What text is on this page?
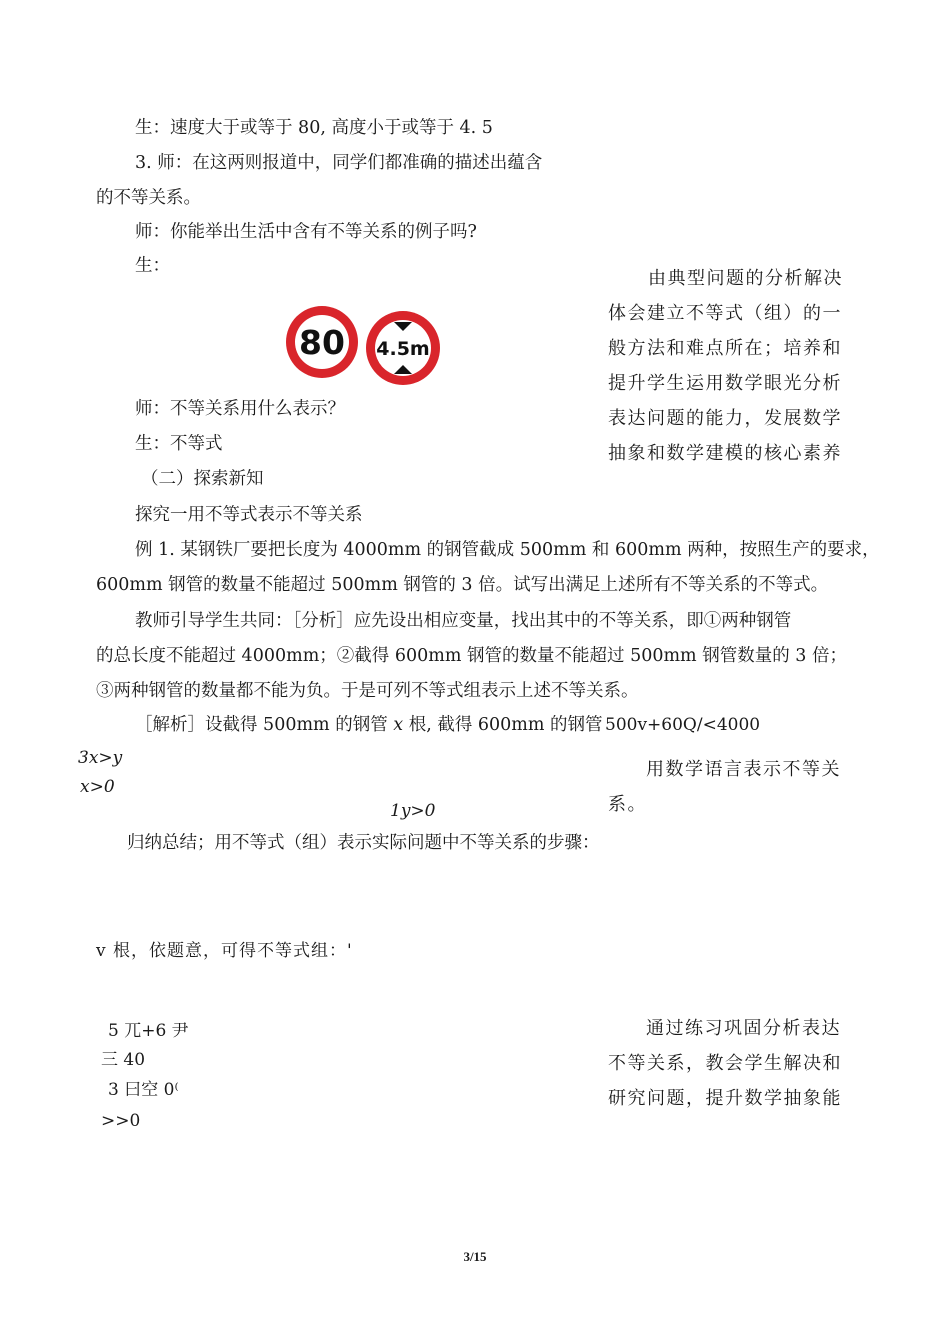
生：速度大于或等于 80, 高度小于或等于 4. 5
3. 师：在这两则报道中，同学们都准确的描述出蕴含
的不等关系。
师：你能举出生活中含有不等关系的例子吗?
生：
80 4.5m
师：不等关系用什么表示？
生：不等式
（二）探索新知
探究一用不等式表示不等关系
例 1. 某钢铁厂要把长度为 4000mm 的钢管截成 500mm 和 600mm 两种，按照生产的要求，
600mm 钢管的数量不能超过 500mm 钢管的 3 倍。试写出满足上述所有不等关系的不等式。
教师引导学生共同：［分析］应先设出相应变量，找出其中的不等关系，即①两种钢管
的总长度不能超过 4000mm；②截得 600mm 钢管的数量不能超过 500mm 钢管数量的 3 倍；
③两种钢管的数量都不能为负。于是可列不等式组表示上述不等关系。
［解析］设截得 500mm 的钢管 x 根, 截得 600mm 的钢管 500v+60Q/<4000
3x>y
x>0
1y>0
归纳总结；用不等式（组）表示实际问题中不等关系的步骤：
v 根，依题意，可得不等式组：'
5 兀+6 尹
三 40
3 曰空 0⁽
>>0
由典型问题的分析解决
体会建立不等式（组）的一
般方法和难点所在；培养和
提升学生运用数学眼光分析
表达问题的能力，发展数学
抽象和数学建模的核心素养
用数学语言表示不等关
系。
通过练习巩固分析表达
不等关系，教会学生解决和
研究问题，提升数学抽象能
3/15
